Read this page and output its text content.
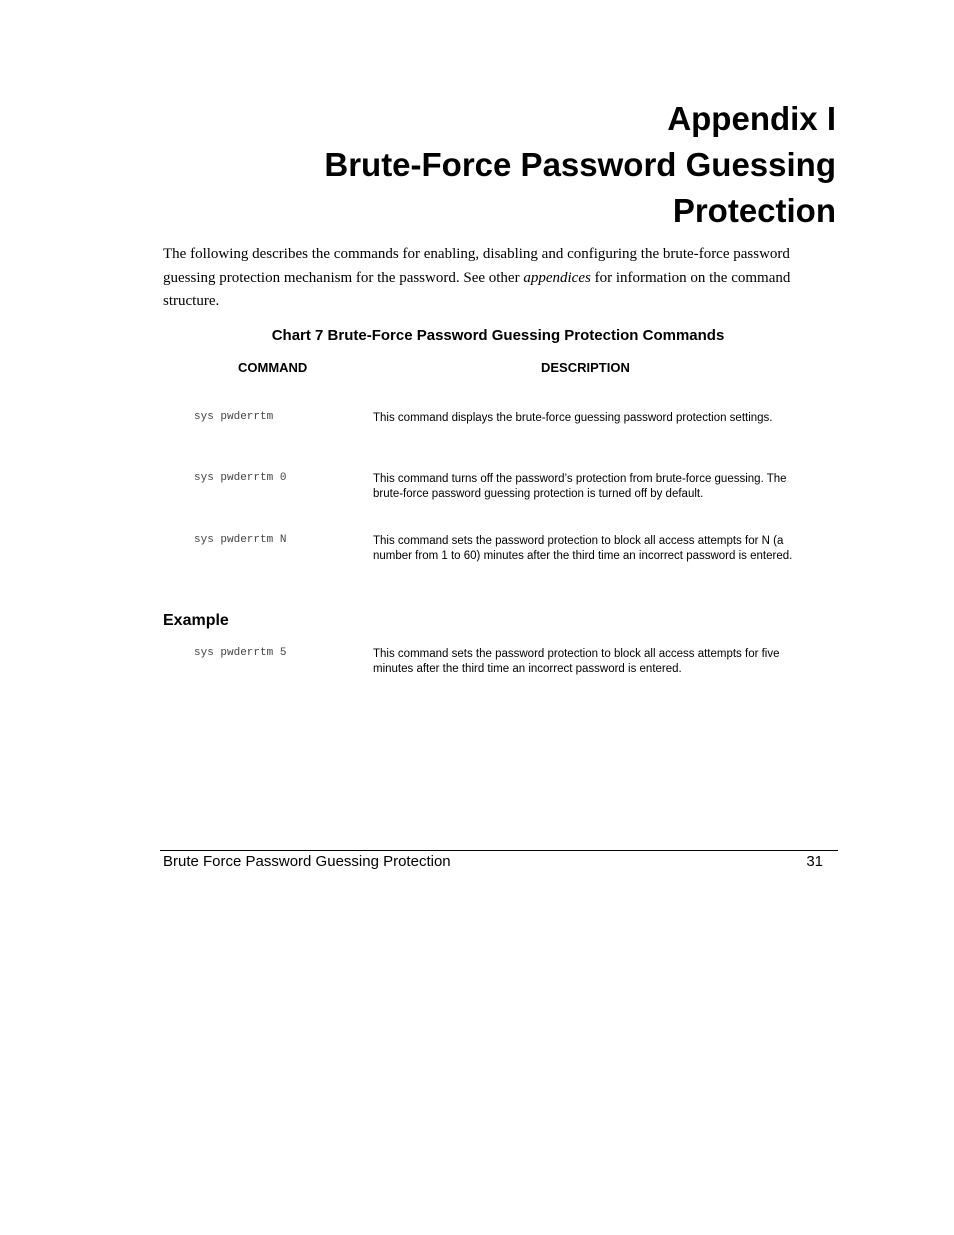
Appendix I
Brute-Force Password Guessing
Protection

The following describes the commands for enabling, disabling and configuring the brute-force password guessing protection mechanism for the password. See other appendices for information on the command structure.

Chart 7 Brute-Force Password Guessing Protection Commands
COMMAND	DESCRIPTION
sys pwderrtm	This command displays the brute-force guessing password protection settings.
sys pwderrtm 0	This command turns off the password’s protection from brute-force guessing. The brute-force password guessing protection is turned off by default.
sys pwderrtm N	This command sets the password protection to block all access attempts for N (a number from 1 to 60) minutes after the third time an incorrect password is entered.
Example
sys pwderrtm 5	This command sets the password protection to block all access attempts for five minutes after the third time an incorrect password is entered.
Brute Force Password Guessing Protection	31
